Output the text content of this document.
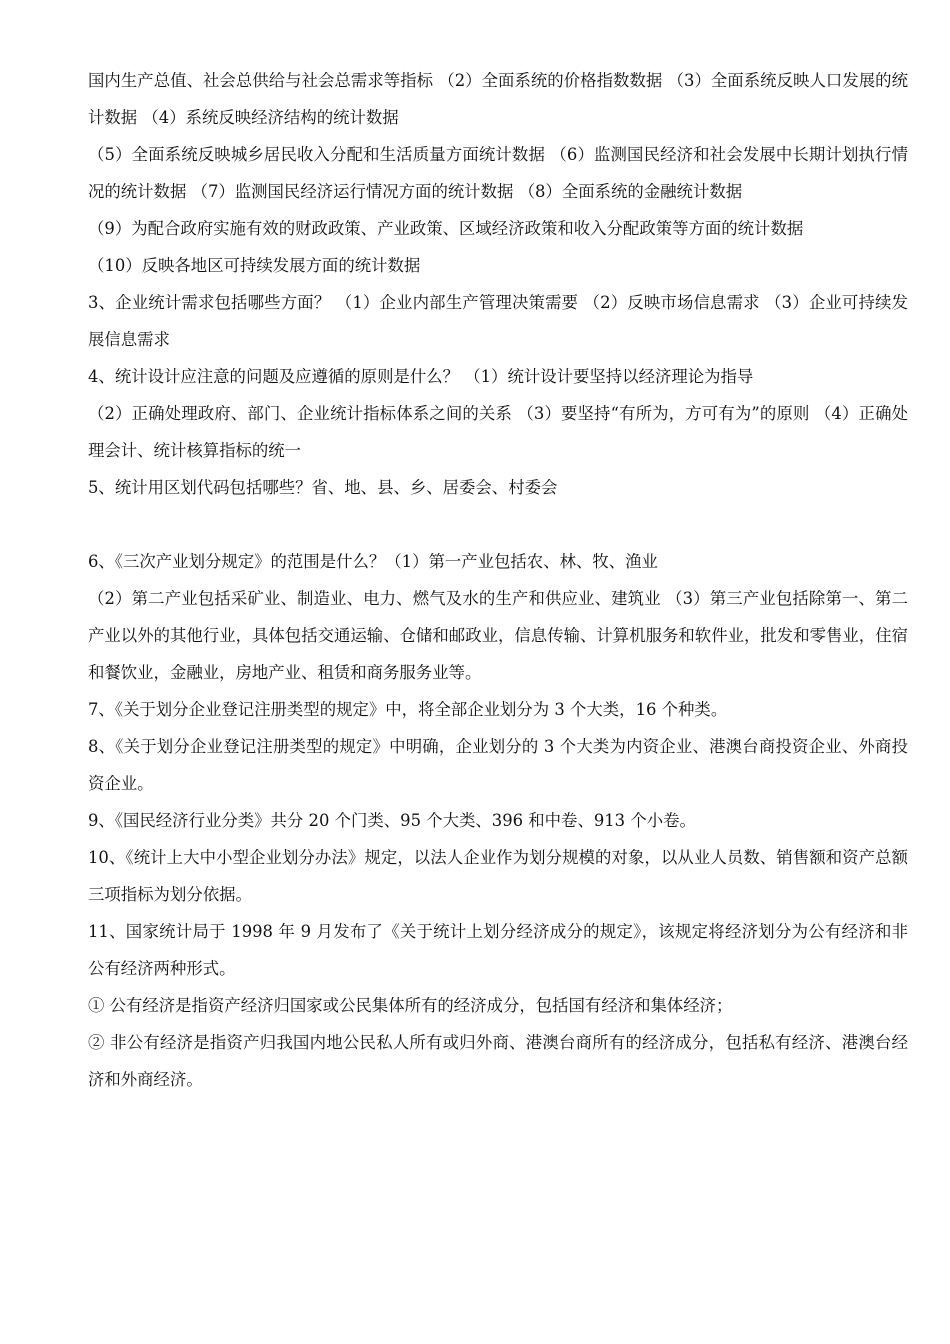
国内生产总值、社会总供给与社会总需求等指标 （2）全面系统的价格指数数据 （3）全面系统反映人口发展的统计数据 （4）系统反映经济结构的统计数据

（5）全面系统反映城乡居民收入分配和生活质量方面统计数据 （6）监测国民经济和社会发展中长期计划执行情况的统计数据 （7）监测国民经济运行情况方面的统计数据 （8）全面系统的金融统计数据

（9）为配合政府实施有效的财政政策、产业政策、区域经济政策和收入分配政策等方面的统计数据

（10）反映各地区可持续发展方面的统计数据

3、企业统计需求包括哪些方面？ （1）企业内部生产管理决策需要 （2）反映市场信息需求 （3）企业可持续发展信息需求

4、统计设计应注意的问题及应遵循的原则是什么？ （1）统计设计要坚持以经济理论为指导

（2）正确处理政府、部门、企业统计指标体系之间的关系 （3）要坚持“有所为，方可有为”的原则 （4）正确处理会计、统计核算指标的统一

5、统计用区划代码包括哪些？省、地、县、乡、居委会、村委会

6、《三次产业划分规定》的范围是什么？（1）第一产业包括农、林、牧、渔业

（2）第二产业包括采矿业、制造业、电力、燃气及水的生产和供应业、建筑业 （3）第三产业包括除第一、第二产业以外的其他行业，具体包括交通运输、仓储和邮政业，信息传输、计算机服务和软件业，批发和零售业，住宿和餐饮业，金融业，房地产业、租赁和商务服务业等。

7、《关于划分企业登记注册类型的规定》中，将全部企业划分为 3 个大类，16 个种类。

8、《关于划分企业登记注册类型的规定》中明确，企业划分的 3 个大类为内资企业、港澳台商投资企业、外商投资企业。

9、《国民经济行业分类》共分 20 个门类、95 个大类、396 和中卷、913 个小卷。

10、《统计上大中小型企业划分办法》规定，以法人企业作为划分规模的对象，以从业人员数、销售额和资产总额三项指标为划分依据。

11、国家统计局于 1998 年 9 月发布了《关于统计上划分经济成分的规定》，该规定将经济划分为公有经济和非公有经济两种形式。

① 公有经济是指资产经济归国家或公民集体所有的经济成分，包括国有经济和集体经济；

② 非公有经济是指资产归我国内地公民私人所有或归外商、港澳台商所有的经济成分，包括私有经济、港澳台经济和外商经济。
